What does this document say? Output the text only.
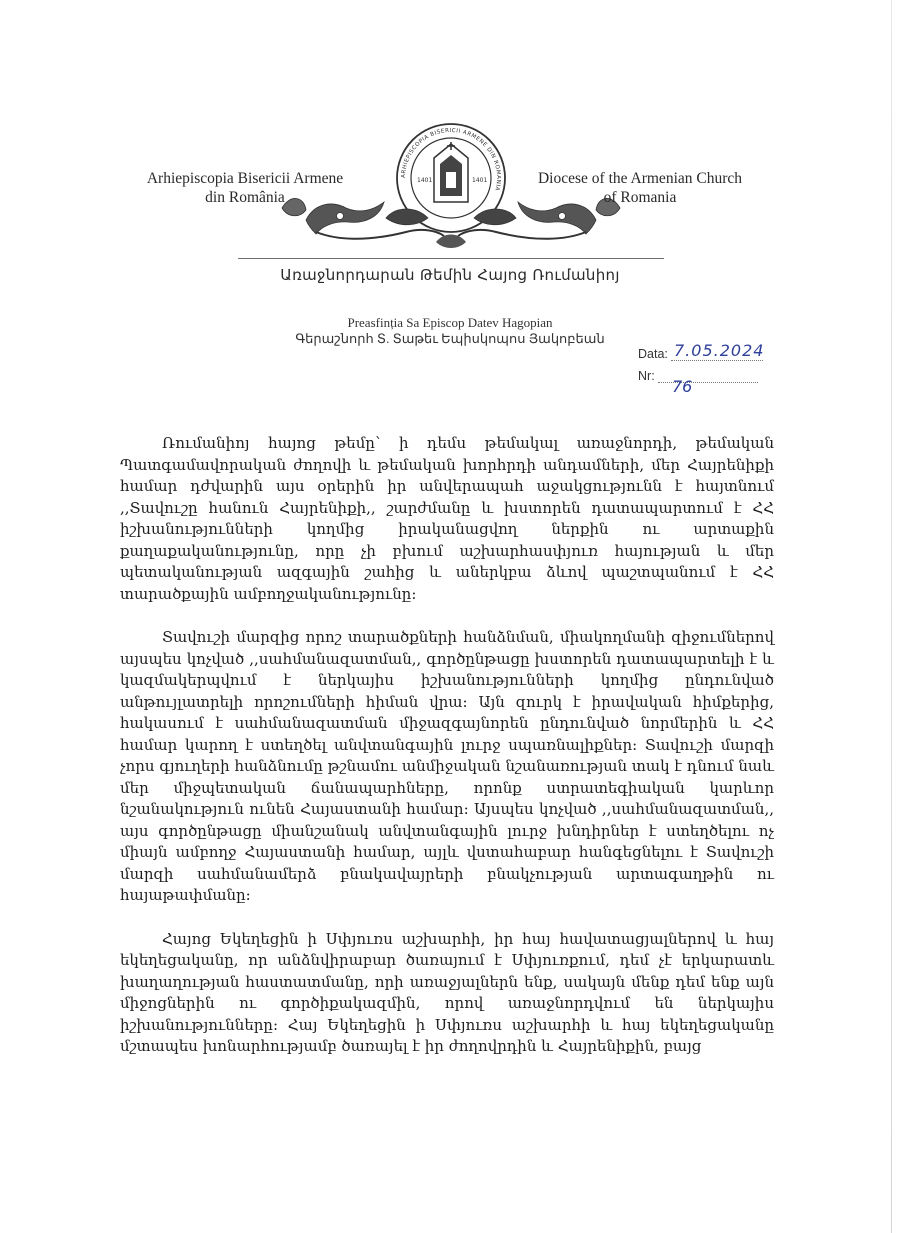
Arhiepiscopia Bisericii Armene
din România
ARHIEPISCOPIA BISERICII ARMENE DIN ROMANIA
1401	1401	Diocese of the Armenian Church
of Romania
Առաջնորդարան Թեմին Հայոց Ռումանիոյ
Preasfinția Sa Episcop Datev Hagopian
Գերաշնորհ Տ. Տաթեւ Եպիսկոպոս Յակոբեան
Data: 7.05.2024
Nr:
76

Ռումանիոյ հայոց թեմը՝ ի դեմս թեմակալ առաջնորդի, թեմական Պատգամավորական ժողովի և թեմական խորհրդի անդամների, մեր Հայրենիքի համար դժվարին այս օրերին իր անվերապահ աջակցությունն է հայտնում ,,Տավուշը հանուն Հայրենիքի,, շարժմանը և խստորեն դատապարտում է ՀՀ իշխանությունների կողմից իրականացվող ներքին ու արտաքին քաղաքականությունը, որը չի բխում աշխարհասփյուռ հայության և մեր պետականության ազգային շահից և աներկբա ձևով պաշտպանում է ՀՀ տարածքային ամբողջականությունը:

Տավուշի մարզից որոշ տարածքների հանձնման, միակողմանի զիջումներով այսպես կոչված ,,սահմանազատման,, գործընթացը խստորեն դատապարտելի է և կազմակերպվում է ներկայիս իշխանությունների կողմից ընդունված անթույլատրելի որոշումների հիման վրա: Այն զուրկ է իրավական հիմքերից, հակասում է սահմանազատման միջազգայնորեն ընդունված նորմերին և ՀՀ համար կարող է ստեղծել անվտանգային լուրջ սպառնալիքներ: Տավուշի մարզի չորս գյուղերի հանձնումը թշնամու անմիջական նշանառության տակ է դնում նաև մեր միջպետական ճանապարհները, որոնք ստրատեգիական կարևոր նշանակություն ունեն Հայաստանի համար: Այսպես կոչված ,,սահմանազատման,, այս գործընթացը միանշանակ անվտանգային լուրջ խնդիրներ է ստեղծելու ոչ միայն ամբողջ Հայաստանի համար, այլև վստահաբար հանգեցնելու է Տավուշի մարզի սահմանամերձ բնակավայրերի բնակչության արտագաղթին ու հայաթափմանը:

Հայոց Եկեղեցին ի Սփյուռս աշխարհի, իր հայ հավատացյալներով և հայ եկեղեցականը, որ անձնվիրաբար ծառայում է Սփյուռքում, դեմ չէ երկարատև խաղաղության հաստատմանը, որի առաջյալներն ենք, սակայն մենք դեմ ենք այն միջոցներին ու գործիքակազմին, որով առաջնորդվում են ներկայիս իշխանությունները: Հայ Եկեղեցին ի Սփյուռս աշխարհի և հայ եկեղեցականը մշտապես խոնարհությամբ ծառայել է իր ժողովրդին և Հայրենիքին, բայց
